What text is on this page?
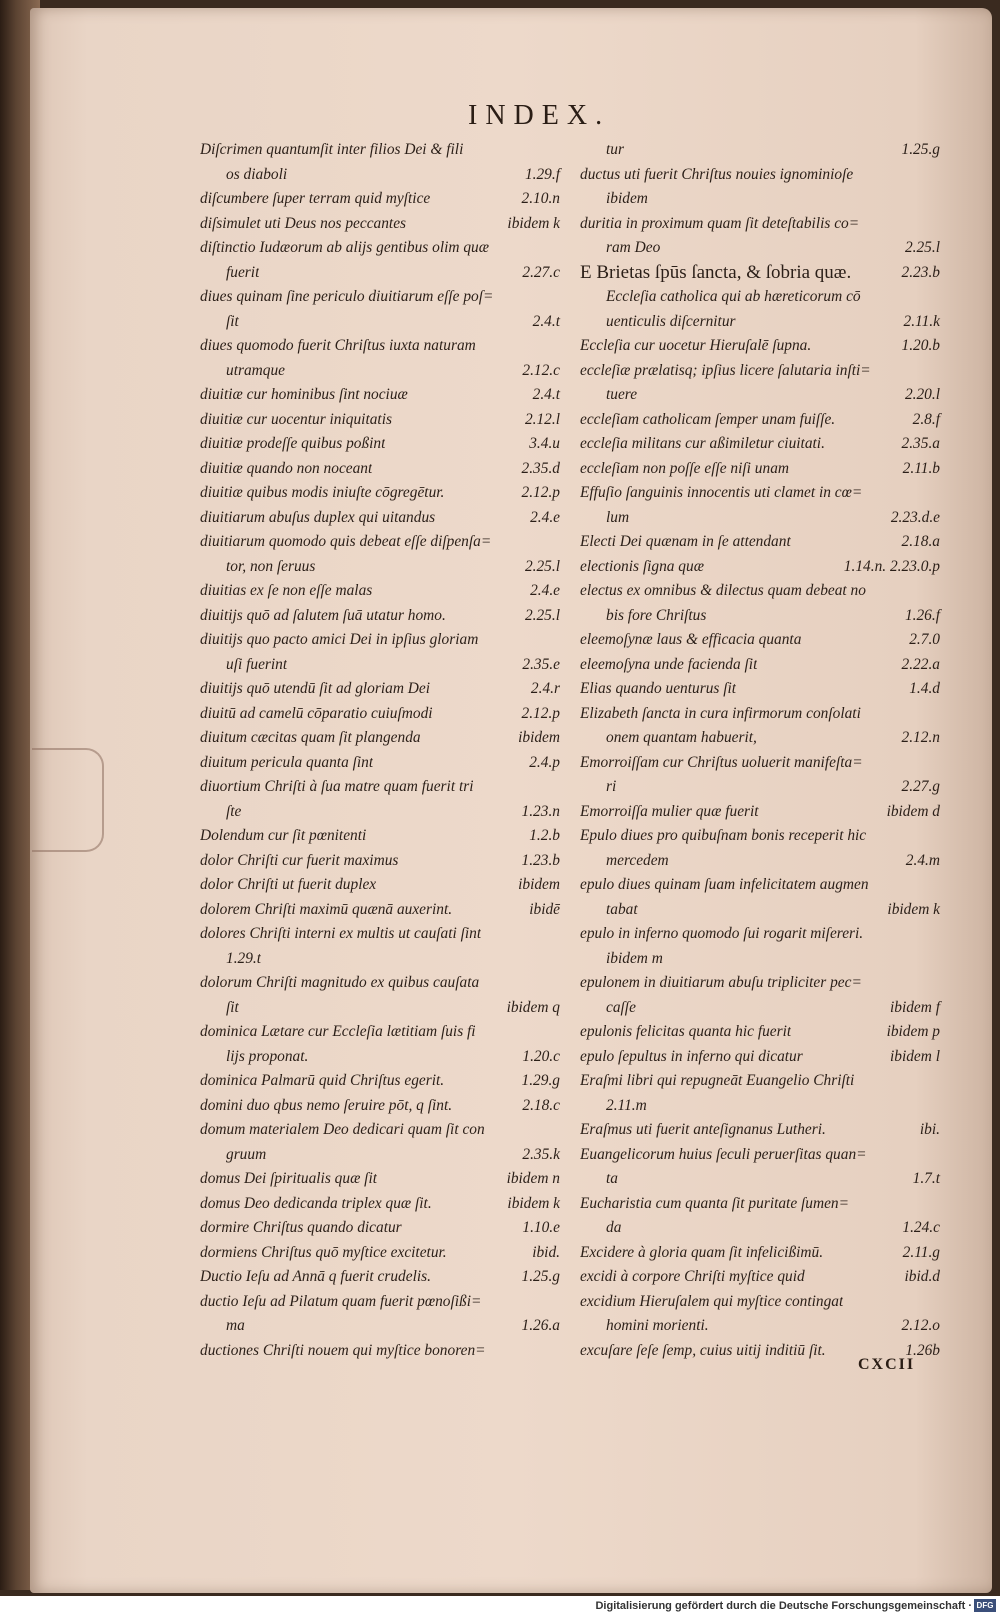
INDEX.
Diſcrimen quantumſit inter filios Dei & fili
os diaboli	1.29.f
diſcumbere ſuper terram quid myſtice	2.10.n
diſsimulet uti Deus nos peccantes	ibidem k
diſtinctio Iudæorum ab alijs gentibus olim quæ
fuerit	2.27.c
diues quinam ſine periculo diuitiarum eſſe poſ=
ſit	2.4.t
diues quomodo fuerit Chriſtus iuxta naturam
utramque	2.12.c
diuitiæ cur hominibus ſint nociuæ	2.4.t
diuitiæ cur uocentur iniquitatis	2.12.l
diuitiæ prodeſſe quibus poßint	3.4.u
diuitiæ quando non noceant	2.35.d
diuitiæ quibus modis iniuſte cōgregētur.	2.12.p
diuitiarum abuſus duplex qui uitandus	2.4.e
diuitiarum quomodo quis debeat eſſe diſpenſa=
tor, non ſeruus	2.25.l
diuitias ex ſe non eſſe malas	2.4.e
diuitijs quō ad ſalutem ſuā utatur homo.	2.25.l
diuitijs quo pacto amici Dei in ipſius gloriam
uſi fuerint	2.35.e
diuitijs quō utendū ſit ad gloriam Dei	2.4.r
diuitū ad camelū cōparatio cuiuſmodi	2.12.p
diuitum cæcitas quam ſit plangenda	ibidem
diuitum pericula quanta ſint	2.4.p
diuortium Chriſti à ſua matre quam fuerit tri
ſte	1.23.n
Dolendum cur ſit pœnitenti	1.2.b
dolor Chriſti cur fuerit maximus	1.23.b
dolor Chriſti ut fuerit duplex	ibidem
dolorem Chriſti maximū quænā auxerint.	ibidē
dolores Chriſti interni ex multis ut cauſati ſint
1.29.t
dolorum Chriſti magnitudo ex quibus cauſata
ſit	ibidem q
dominica Lætare cur Eccleſia lætitiam ſuis fi
lijs proponat.	1.20.c
dominica Palmarū quid Chriſtus egerit.	1.29.g
domini duo qbus nemo ſeruire pōt, q ſint.	2.18.c
domum materialem Deo dedicari quam ſit con
gruum	2.35.k
domus Dei ſpiritualis quæ ſit	ibidem n
domus Deo dedicanda triplex quæ ſit.	ibidem k
dormire Chriſtus quando dicatur	1.10.e
dormiens Chriſtus quō myſtice excitetur.	ibid.
Ductio Ieſu ad Annā q fuerit crudelis.	1.25.g
ductio Ieſu ad Pilatum quam fuerit pœnoſißi=
ma	1.26.a
ductiones Chriſti nouem qui myſtice bonoren=
tur	1.25.g
ductus uti fuerit Chriſtus nouies ignominioſe
ibidem
duritia in proximum quam ſit deteſtabilis co=
ram Deo	2.25.l
E Brietas ſpūs ſancta, & ſobria quæ.	2.23.b
Eccleſia catholica qui ab hæreticorum cō
uenticulis diſcernitur	2.11.k
Eccleſia cur uocetur Hieruſalē ſupna.	1.20.b
eccleſiæ prælatisq; ipſius licere ſalutaria inſti=
tuere	2.20.l
eccleſiam catholicam ſemper unam fuiſſe.	2.8.f
eccleſia militans cur aßimiletur ciuitati.	2.35.a
eccleſiam non poſſe eſſe niſi unam	2.11.b
Effuſio ſanguinis innocentis uti clamet in cœ=
lum	2.23.d.e
Electi Dei quænam in ſe attendant	2.18.a
electionis ſigna quæ	1.14.n. 2.23.0.p
electus ex omnibus & dilectus quam debeat no
bis fore Chriſtus	1.26.f
eleemoſynæ laus & efficacia quanta	2.7.0
eleemoſyna unde facienda ſit	2.22.a
Elias quando uenturus ſit	1.4.d
Elizabeth ſancta in cura infirmorum conſolati
onem quantam habuerit,	2.12.n
Emorroiſſam cur Chriſtus uoluerit manifeſta=
ri	2.27.g
Emorroiſſa mulier quæ fuerit	ibidem d
Epulo diues pro quibuſnam bonis receperit hic
mercedem	2.4.m
epulo diues quinam ſuam infelicitatem augmen
tabat	ibidem k
epulo in inferno quomodo ſui rogarit miſereri.
ibidem m
epulonem in diuitiarum abuſu tripliciter pec=
caſſe	ibidem f
epulonis felicitas quanta hic fuerit	ibidem p
epulo ſepultus in inferno qui dicatur	ibidem l
Eraſmi libri qui repugneāt Euangelio Chriſti
2.11.m
Eraſmus uti fuerit anteſignanus Lutheri.	ibi.
Euangelicorum huius ſeculi peruerſitas quan=
ta	1.7.t
Eucharistia cum quanta ſit puritate ſumen=
da	1.24.c
Excidere à gloria quam ſit infelicißimū.	2.11.g
excidi à corpore Chriſti myſtice quid	ibid.d
excidium Hieruſalem qui myſtice contingat
homini morienti.	2.12.o
excuſare ſeſe ſemp, cuius uitij inditiū ſit.	1.26b
CXCII
Digitalisierung gefördert durch die Deutsche Forschungsgemeinschaft · DFG
